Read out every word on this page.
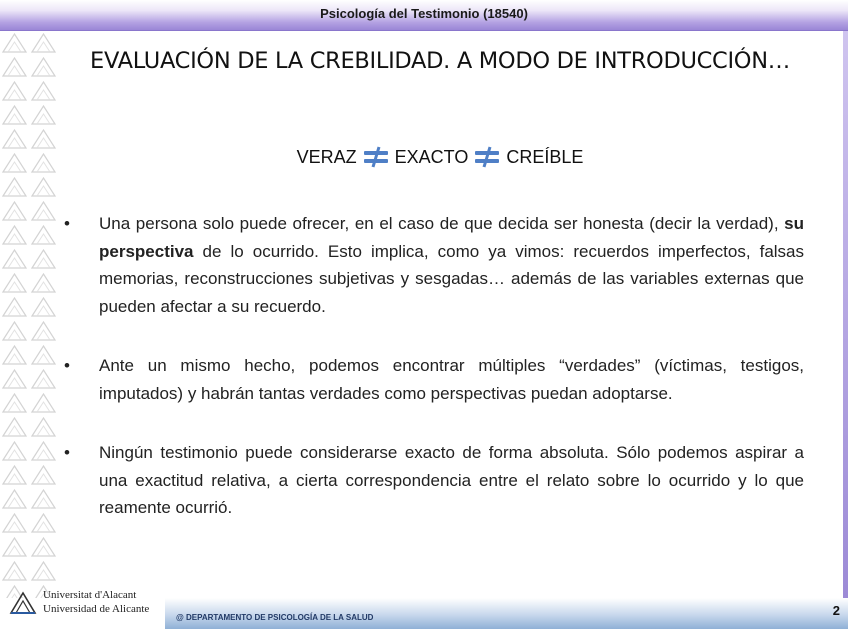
Psicología del Testimonio (18540)
EVALUACIÓN DE LA CREBILIDAD. A MODO DE INTRODUCCIÓN…
VERAZ EXACTO CREÍBLE
• Una persona solo puede ofrecer, en el caso de que decida ser honesta (decir la verdad), su perspectiva de lo ocurrido. Esto implica, como ya vimos: recuerdos imperfectos, falsas memorias, reconstrucciones subjetivas y sesgadas… además de las variables externas que pueden afectar a su recuerdo.
• Ante un mismo hecho, podemos encontrar múltiples “verdades” (víctimas, testigos, imputados) y habrán tantas verdades como perspectivas puedan adoptarse.
• Ningún testimonio puede considerarse exacto de forma absoluta. Sólo podemos aspirar a una exactitud relativa, a cierta correspondencia entre el relato sobre lo ocurrido y lo que reamente ocurrió.
Universitat d'Alacant
Universidad de Alicante
@ DEPARTAMENTO DE PSICOLOGÍA DE LA SALUD	2
